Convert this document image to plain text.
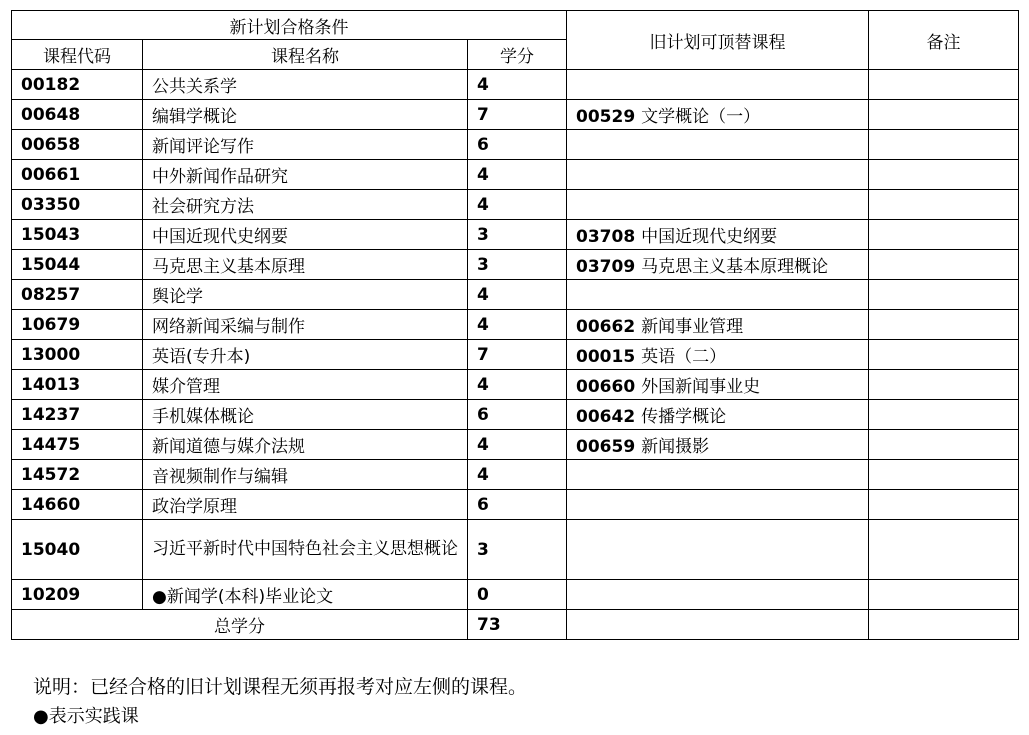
新计划合格条件			旧计划可顶替课程	备注
课程代码	课程名称	学分		
00182	公共关系学	4		
00648	编辑学概论	7	00529 文学概论（一）	
00658	新闻评论写作	6		
00661	中外新闻作品研究	4		
03350	社会研究方法	4		
15043	中国近现代史纲要	3	03708 中国近现代史纲要	
15044	马克思主义基本原理	3	03709 马克思主义基本原理概论	
08257	舆论学	4		
10679	网络新闻采编与制作	4	00662 新闻事业管理	
13000	英语(专升本)	7	00015 英语（二）	
14013	媒介管理	4	00660 外国新闻事业史	
14237	手机媒体概论	6	00642 传播学概论	
14475	新闻道德与媒介法规	4	00659 新闻摄影	
14572	音视频制作与编辑	4		
14660	政治学原理	6		
15040	习近平新时代中国特色社会主义思想概论	3		
10209	●新闻学(本科)毕业论文	0		
总学分		73		
说明：已经合格的旧计划课程无须再报考对应左侧的课程。
●表示实践课
